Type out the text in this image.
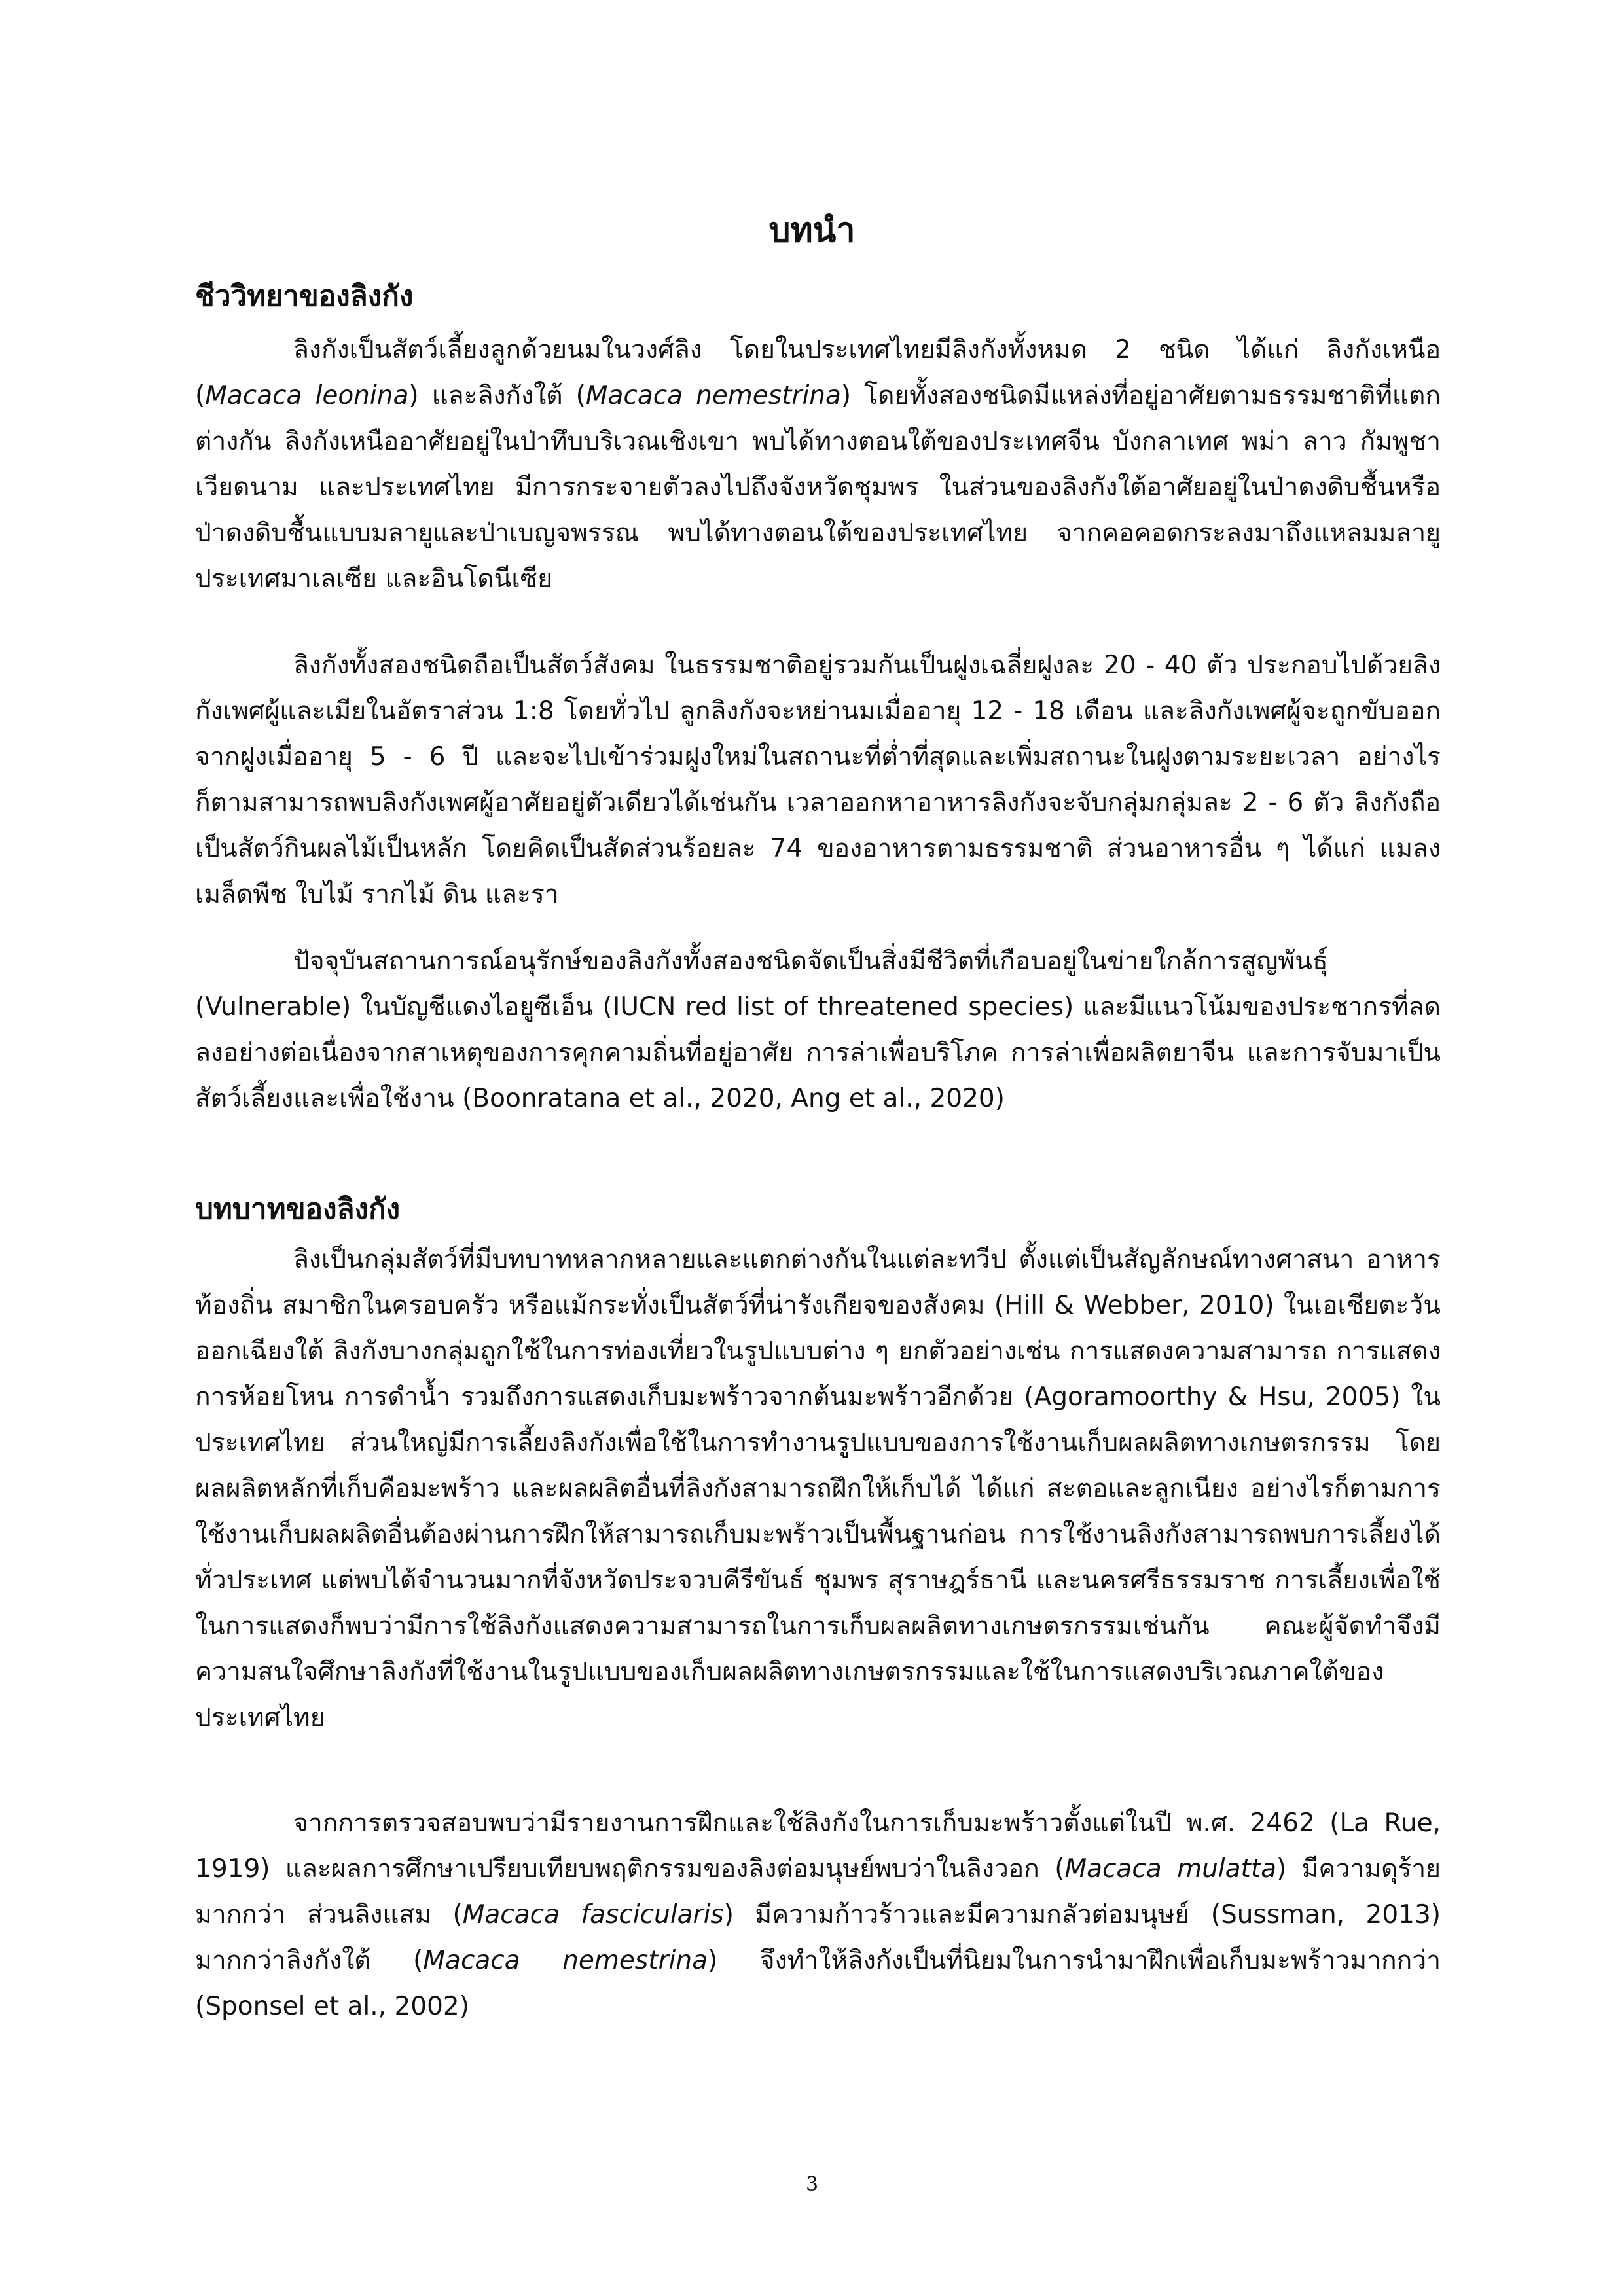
บทนำ
ชีววิทยาของลิงกัง

ลิงกังเป็นสัตว์เลี้ยงลูกด้วยนมในวงศ์ลิง โดยในประเทศไทยมีลิงกังทั้งหมด 2 ชนิด ได้แก่ ลิงกังเหนือ (Macaca leonina) และลิงกังใต้ (Macaca nemestrina) โดยทั้งสองชนิดมีแหล่งที่อยู่อาศัยตามธรรมชาติที่แตกต่างกัน ลิงกังเหนืออาศัยอยู่ในป่าทึบบริเวณเชิงเขา พบได้ทางตอนใต้ของประเทศจีน บังกลาเทศ พม่า ลาว กัมพูชา เวียดนาม และประเทศไทย มีการกระจายตัวลงไปถึงจังหวัดชุมพร ในส่วนของลิงกังใต้อาศัยอยู่ในป่าดงดิบชื้นหรือป่าดงดิบชื้นแบบมลายูและป่าเบญจพรรณ พบได้ทางตอนใต้ของประเทศไทย จากคอคอดกระลงมาถึงแหลมมลายู ประเทศมาเลเซีย และอินโดนีเซีย

ลิงกังทั้งสองชนิดถือเป็นสัตว์สังคม ในธรรมชาติอยู่รวมกันเป็นฝูงเฉลี่ยฝูงละ 20 - 40 ตัว ประกอบไปด้วยลิงกังเพศผู้และเมียในอัตราส่วน 1:8 โดยทั่วไป ลูกลิงกังจะหย่านมเมื่ออายุ 12 - 18 เดือน และลิงกังเพศผู้จะถูกขับออกจากฝูงเมื่ออายุ 5 - 6 ปี และจะไปเข้าร่วมฝูงใหม่ในสถานะที่ต่ำที่สุดและเพิ่มสถานะในฝูงตามระยะเวลา อย่างไรก็ตามสามารถพบลิงกังเพศผู้อาศัยอยู่ตัวเดียวได้เช่นกัน เวลาออกหาอาหารลิงกังจะจับกลุ่มกลุ่มละ 2 - 6 ตัว ลิงกังถือเป็นสัตว์กินผลไม้เป็นหลัก โดยคิดเป็นสัดส่วนร้อยละ 74 ของอาหารตามธรรมชาติ ส่วนอาหารอื่น ๆ ได้แก่ แมลง เมล็ดพืช ใบไม้ รากไม้ ดิน และรา

ปัจจุบันสถานการณ์อนุรักษ์ของลิงกังทั้งสองชนิดจัดเป็นสิ่งมีชีวิตที่เกือบอยู่ในข่ายใกล้การสูญพันธุ์ (Vulnerable) ในบัญชีแดงไอยูซีเอ็น (IUCN red list of threatened species) และมีแนวโน้มของประชากรที่ลดลงอย่างต่อเนื่องจากสาเหตุของการคุกคามถิ่นที่อยู่อาศัย การล่าเพื่อบริโภค การล่าเพื่อผลิตยาจีน และการจับมาเป็นสัตว์เลี้ยงและเพื่อใช้งาน (Boonratana et al., 2020, Ang et al., 2020)

บทบาทของลิงกัง

ลิงเป็นกลุ่มสัตว์ที่มีบทบาทหลากหลายและแตกต่างกันในแต่ละทวีป ตั้งแต่เป็นสัญลักษณ์ทางศาสนา อาหารท้องถิ่น สมาชิกในครอบครัว หรือแม้กระทั่งเป็นสัตว์ที่น่ารังเกียจของสังคม (Hill & Webber, 2010) ในเอเชียตะวันออกเฉียงใต้ ลิงกังบางกลุ่มถูกใช้ในการท่องเที่ยวในรูปแบบต่าง ๆ ยกตัวอย่างเช่น การแสดงความสามารถ การแสดงการห้อยโหน การดำน้ำ รวมถึงการแสดงเก็บมะพร้าวจากต้นมะพร้าวอีกด้วย (Agoramoorthy & Hsu, 2005) ในประเทศไทย ส่วนใหญ่มีการเลี้ยงลิงกังเพื่อใช้ในการทำงานรูปแบบของการใช้งานเก็บผลผลิตทางเกษตรกรรม โดยผลผลิตหลักที่เก็บคือมะพร้าว และผลผลิตอื่นที่ลิงกังสามารถฝึกให้เก็บได้ ได้แก่ สะตอและลูกเนียง อย่างไรก็ตามการใช้งานเก็บผลผลิตอื่นต้องผ่านการฝึกให้สามารถเก็บมะพร้าวเป็นพื้นฐานก่อน การใช้งานลิงกังสามารถพบการเลี้ยงได้ทั่วประเทศ แต่พบได้จำนวนมากที่จังหวัดประจวบคีรีขันธ์ ชุมพร สุราษฎร์ธานี และนครศรีธรรมราช การเลี้ยงเพื่อใช้ในการแสดงก็พบว่ามีการใช้ลิงกังแสดงความสามารถในการเก็บผลผลิตทางเกษตรกรรมเช่นกัน คณะผู้จัดทำจึงมีความสนใจศึกษาลิงกังที่ใช้งานในรูปแบบของเก็บผลผลิตทางเกษตรกรรมและใช้ในการแสดงบริเวณภาคใต้ของประเทศไทย

จากการตรวจสอบพบว่ามีรายงานการฝึกและใช้ลิงกังในการเก็บมะพร้าวตั้งแต่ในปี พ.ศ. 2462 (La Rue, 1919) และผลการศึกษาเปรียบเทียบพฤติกรรมของลิงต่อมนุษย์พบว่าในลิงวอก (Macaca mulatta) มีความดุร้ายมากกว่า ส่วนลิงแสม (Macaca fascicularis) มีความก้าวร้าวและมีความกลัวต่อมนุษย์ (Sussman, 2013) มากกว่าลิงกังใต้ (Macaca nemestrina) จึงทำให้ลิงกังเป็นที่นิยมในการนำมาฝึกเพื่อเก็บมะพร้าวมากกว่า (Sponsel et al., 2002)

3
